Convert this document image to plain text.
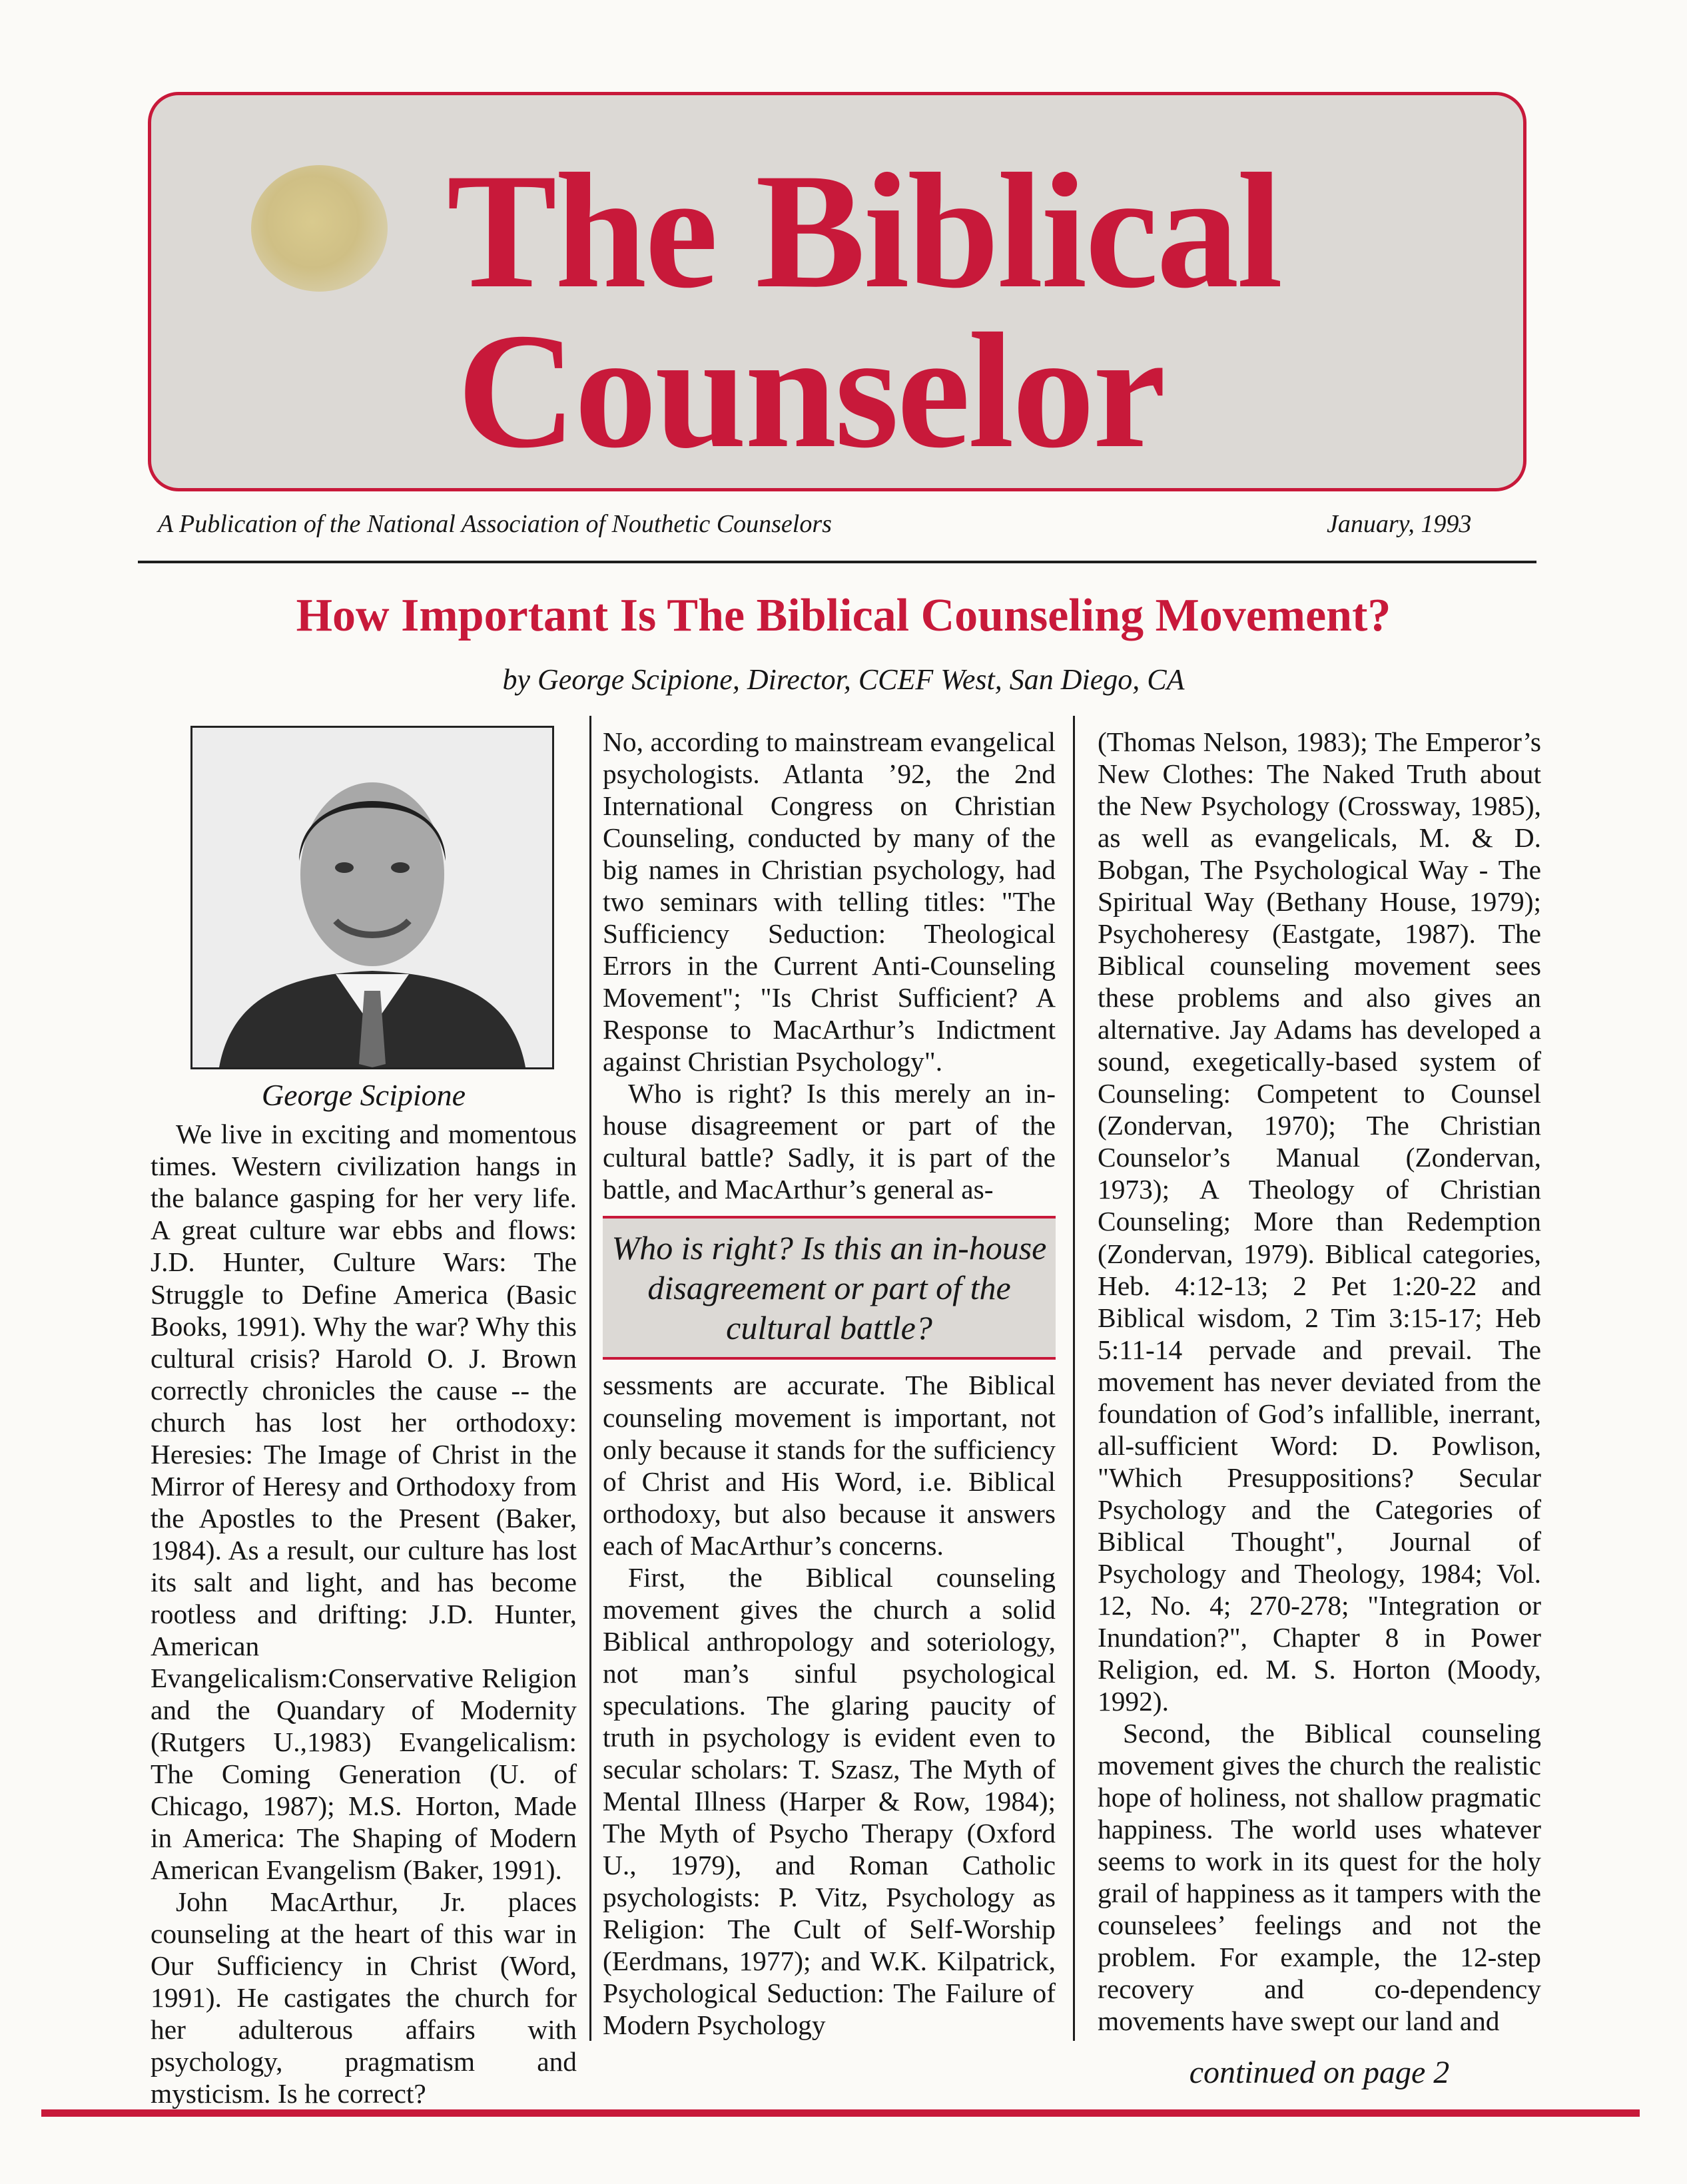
The Biblical
Counselor
A Publication of the National Association of Nouthetic Counselors	January, 1993
How Important Is The Biblical Counseling Movement?
by George Scipione, Director, CCEF West, San Diego, CA
George Scipione

We live in exciting and momentous times. Western civilization hangs in the balance gasping for her very life. A great culture war ebbs and flows: J.D. Hunter, Culture Wars: The Struggle to Define America (Basic Books, 1991). Why the war? Why this cultural crisis? Harold O. J. Brown correctly chronicles the cause -- the church has lost her orthodoxy: Heresies: The Image of Christ in the Mirror of Heresy and Orthodoxy from the Apostles to the Present (Baker, 1984). As a result, our culture has lost its salt and light, and has become rootless and drifting: J.D. Hunter, American Evangelicalism:Conservative Religion and the Quandary of Modernity (Rutgers U.,1983) Evangelicalism: The Coming Generation (U. of Chicago, 1987); M.S. Horton, Made in America: The Shaping of Modern American Evangelism (Baker, 1991).

John MacArthur, Jr. places counseling at the heart of this war in Our Sufficiency in Christ (Word, 1991). He castigates the church for her adulterous affairs with psychology, pragmatism and mysticism. Is he correct?

No, according to mainstream evangelical psychologists. Atlanta ’92, the 2nd International Congress on Christian Counseling, conducted by many of the big names in Christian psychology, had two seminars with telling titles: "The Sufficiency Seduction: Theological Errors in the Current Anti-Counseling Movement"; "Is Christ Sufficient? A Response to MacArthur’s Indictment against Christian Psychology".

Who is right? Is this merely an in-house disagreement or part of the cultural battle? Sadly, it is part of the battle, and MacArthur’s general as-

Who is right? Is this an in-house disagreement or part of the cultural battle?

sessments are accurate. The Biblical counseling movement is important, not only because it stands for the sufficiency of Christ and His Word, i.e. Biblical orthodoxy, but also because it answers each of MacArthur’s concerns.

First, the Biblical counseling movement gives the church a solid Biblical anthropology and soteriology, not man’s sinful psychological speculations. The glaring paucity of truth in psychology is evident even to secular scholars: T. Szasz, The Myth of Mental Illness (Harper & Row, 1984); The Myth of Psycho Therapy (Oxford U., 1979), and Roman Catholic psychologists: P. Vitz, Psychology as Religion: The Cult of Self-Worship (Eerdmans, 1977); and W.K. Kilpatrick, Psychological Seduction: The Failure of Modern Psychology

(Thomas Nelson, 1983); The Emperor’s New Clothes: The Naked Truth about the New Psychology (Crossway, 1985), as well as evangelicals, M. & D. Bobgan, The Psychological Way - The Spiritual Way (Bethany House, 1979); Psychoheresy (Eastgate, 1987). The Biblical counseling movement sees these problems and also gives an alternative. Jay Adams has developed a sound, exegetically-based system of Counseling: Competent to Counsel (Zondervan, 1970); The Christian Counselor’s Manual (Zondervan, 1973); A Theology of Christian Counseling; More than Redemption (Zondervan, 1979). Biblical categories, Heb. 4:12-13; 2 Pet 1:20-22 and Biblical wisdom, 2 Tim 3:15-17; Heb 5:11-14 pervade and prevail. The movement has never deviated from the foundation of God’s infallible, inerrant, all-sufficient Word: D. Powlison, "Which Presuppositions? Secular Psychology and the Categories of Biblical Thought", Journal of Psychology and Theology, 1984; Vol. 12, No. 4; 270-278; "Integration or Inundation?", Chapter 8 in Power Religion, ed. M. S. Horton (Moody, 1992).

Second, the Biblical counseling movement gives the church the realistic hope of holiness, not shallow pragmatic happiness. The world uses whatever seems to work in its quest for the holy grail of happiness as it tampers with the counselees’ feelings and not the problem. For example, the 12-step recovery and co-dependency movements have swept our land and

continued on page 2
